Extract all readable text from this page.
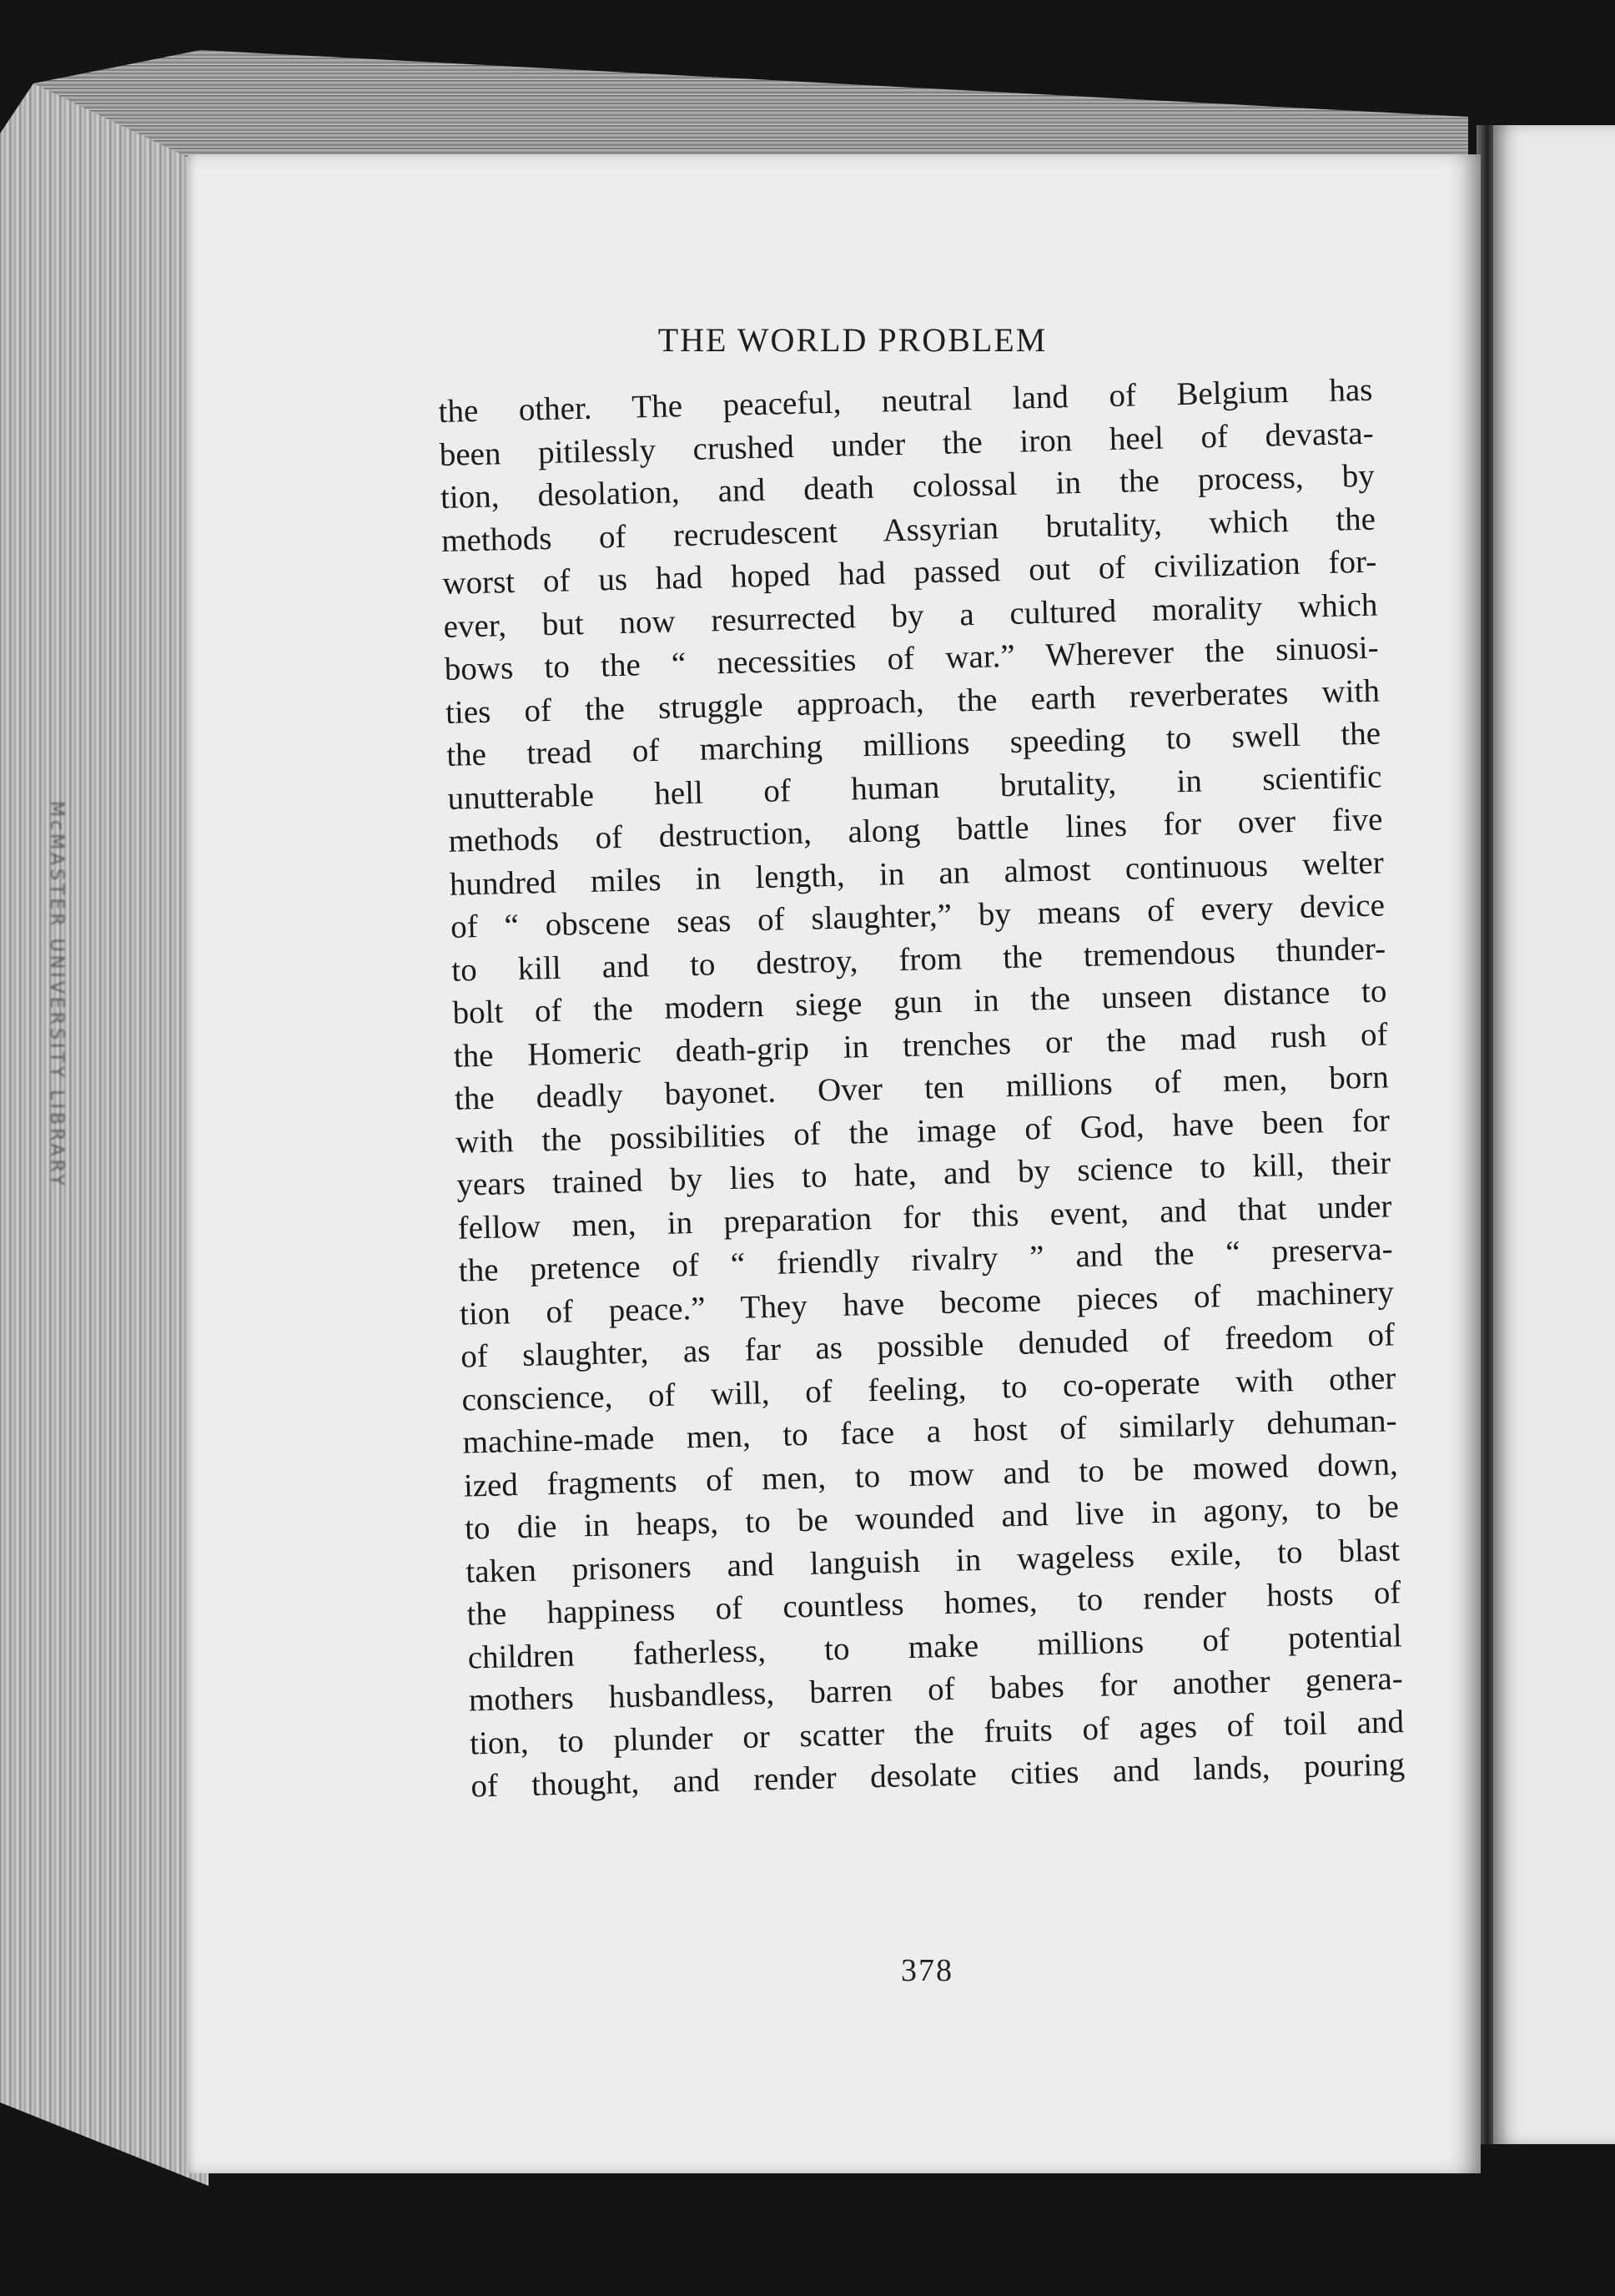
McMASTER UNIVERSITY LIBRARY
THE WORLD PROBLEM
the other. The peaceful, neutral land of Belgium has
been pitilessly crushed under the iron heel of devasta-
tion, desolation, and death colossal in the process, by
methods of recrudescent Assyrian brutality, which the
worst of us had hoped had passed out of civilization for-
ever, but now resurrected by a cultured morality which
bows to the “ necessities of war.” Wherever the sinuosi-
ties of the struggle approach, the earth reverberates with
the tread of marching millions speeding to swell the
unutterable hell of human brutality, in scientific
methods of destruction, along battle lines for over five
hundred miles in length, in an almost continuous welter
of “ obscene seas of slaughter,” by means of every device
to kill and to destroy, from the tremendous thunder-
bolt of the modern siege gun in the unseen distance to
the Homeric death-grip in trenches or the mad rush of
the deadly bayonet. Over ten millions of men, born
with the possibilities of the image of God, have been for
years trained by lies to hate, and by science to kill, their
fellow men, in preparation for this event, and that under
the pretence of “ friendly rivalry ” and the “ preserva-
tion of peace.” They have become pieces of machinery
of slaughter, as far as possible denuded of freedom of
conscience, of will, of feeling, to co-operate with other
machine-made men, to face a host of similarly dehuman-
ized fragments of men, to mow and to be mowed down,
to die in heaps, to be wounded and live in agony, to be
taken prisoners and languish in wageless exile, to blast
the happiness of countless homes, to render hosts of
children fatherless, to make millions of potential
mothers husbandless, barren of babes for another genera-
tion, to plunder or scatter the fruits of ages of toil and
of thought, and render desolate cities and lands, pouring
378
